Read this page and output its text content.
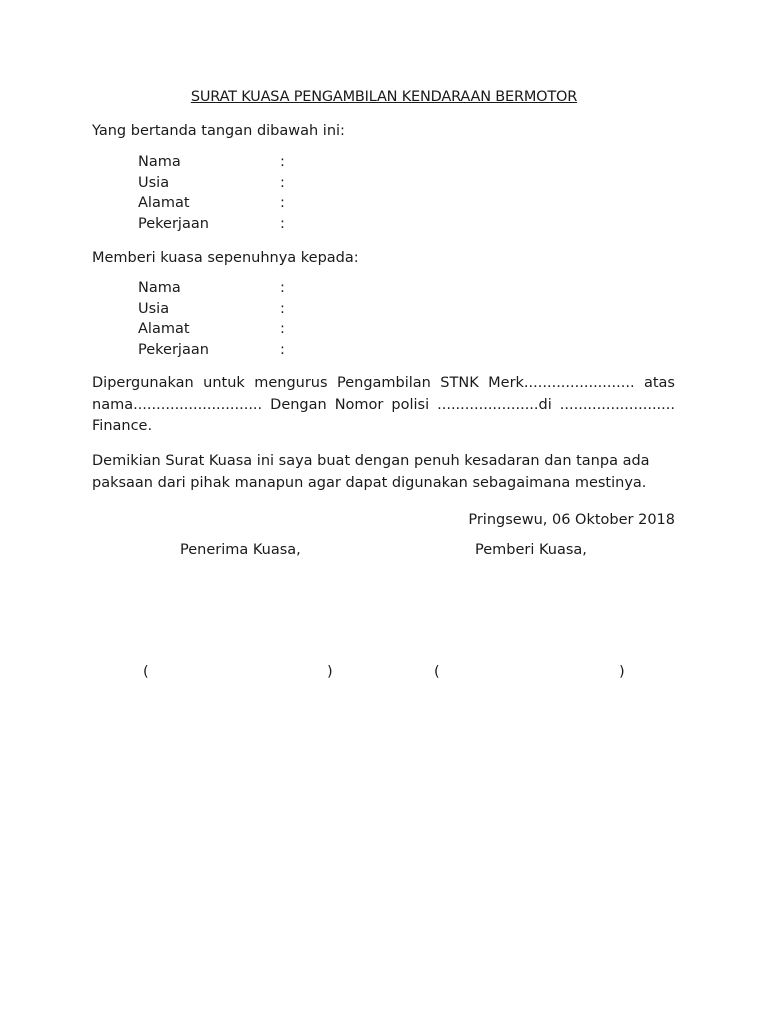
SURAT KUASA PENGAMBILAN KENDARAAN BERMOTOR
Yang bertanda tangan dibawah ini:
Nama	:
Usia	:
Alamat	:
Pekerjaan	:
Memberi kuasa sepenuhnya kepada:
Nama	:
Usia	:
Alamat	:
Pekerjaan	:
Dipergunakan untuk mengurus Pengambilan STNK Merk........................ atas nama............................ Dengan Nomor polisi ......................di ......................... Finance.
Demikian Surat Kuasa ini saya buat dengan penuh kesadaran dan tanpa ada paksaan dari pihak manapun agar dapat digunakan sebagaimana mestinya.
Pringsewu, 06 Oktober 2018
Penerima Kuasa,	Pemberi Kuasa,
(	)	(	)
